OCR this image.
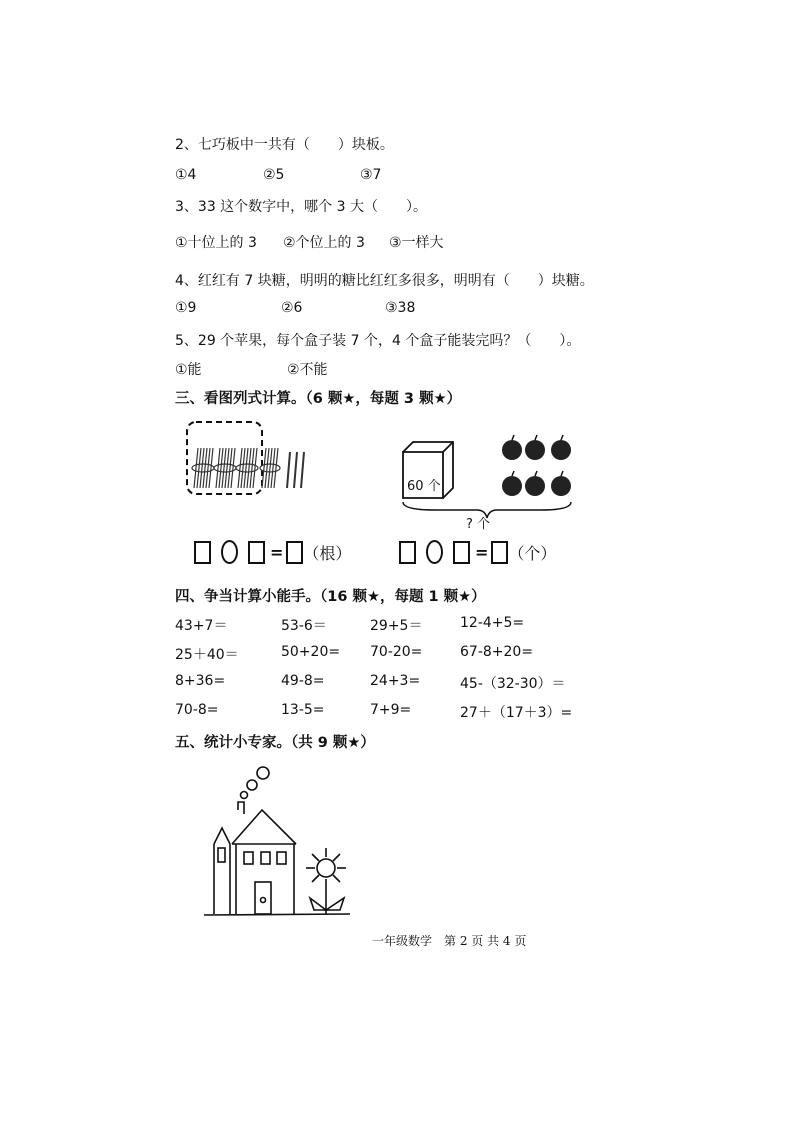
2、七巧板中一共有（　　）块板。
①4	②5	③7
3、33 这个数字中，哪个 3 大（　　）。
①十位上的 3 ②个位上的 3 ③一样大
4、红红有 7 块糖，明明的糖比红红多很多，明明有（　　）块糖。
①9	②6	③38
5、29 个苹果，每个盒子装 7 个，4 个盒子能装完吗？（　　）。
①能	②不能
三、看图列式计算。（6 颗★，每题 3 颗★）
60 个
? 个
= （根）	= （个）
四、争当计算小能手。（16 颗★，每题 1 颗★）
43+7＝	53-6＝	29+5＝	12-4+5=
25＋40＝	50+20= 70-20=	67-8+20=
8+36=	49-8=	24+3=	45-（32-30）＝
70-8=	13-5=	7+9=	27＋（17＋3）=
五、统计小专家。（共 9 颗★）
一年级数学　第 2 页 共 4 页
